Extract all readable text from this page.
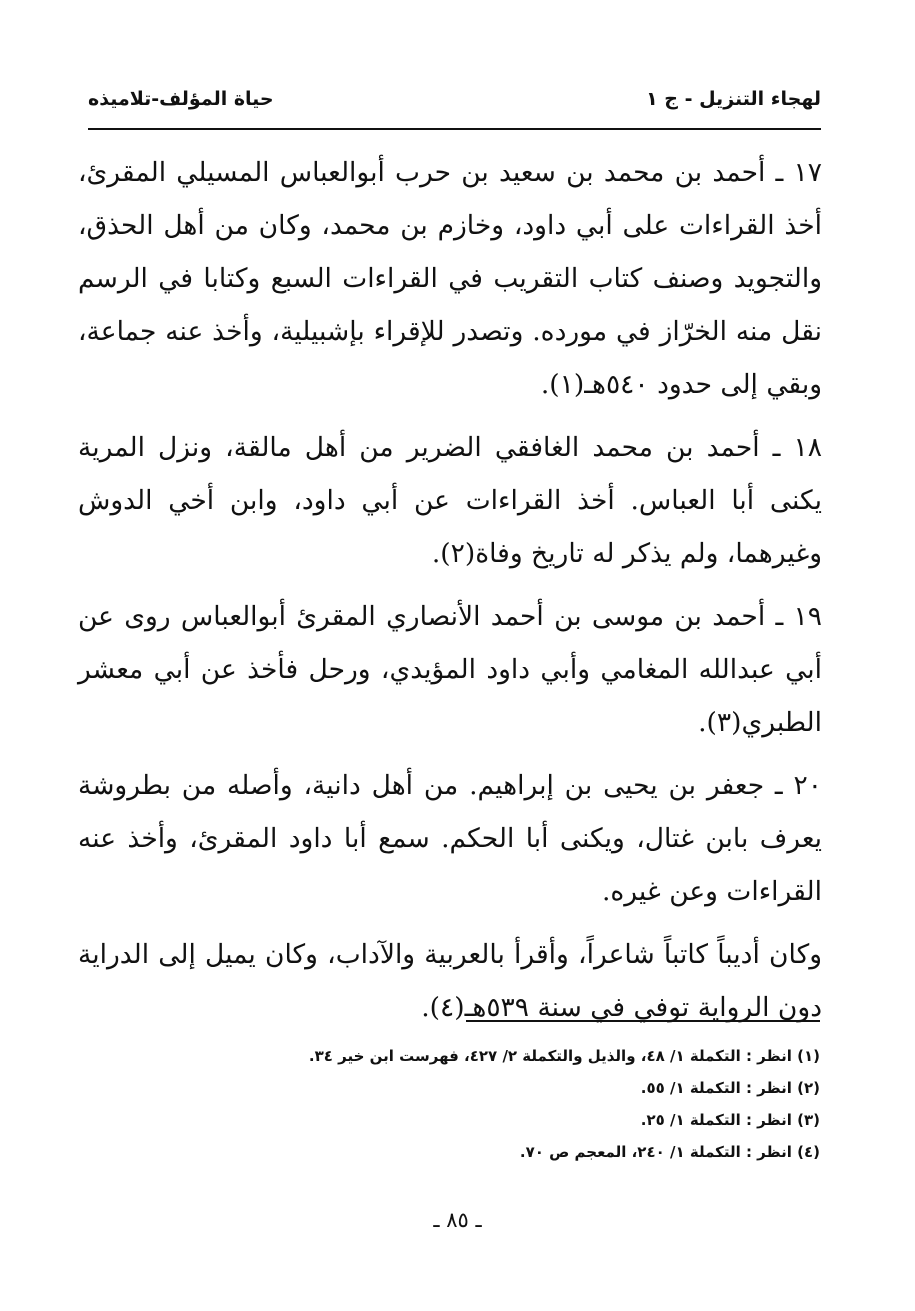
لهجاء التنزيل - ج ١
حياة المؤلف-تلاميذه

١٧ ـ أحمد بن محمد بن سعيد بن حرب أبوالعباس المسيلي المقرئ، أخذ القراءات على أبي داود، وخازم بن محمد، وكان من أهل الحذق، والتجويد وصنف كتاب التقريب في القراءات السبع وكتابا في الرسم نقل منه الخرّاز في مورده. وتصدر للإقراء بإشبيلية، وأخذ عنه جماعة، وبقي إلى حدود ٥٤٠هـ(١).

١٨ ـ أحمد بن محمد الغافقي الضرير من أهل مالقة، ونزل المرية يكنى أبا العباس. أخذ القراءات عن أبي داود، وابن أخي الدوش وغيرهما، ولم يذكر له تاريخ وفاة(٢).

١٩ ـ أحمد بن موسى بن أحمد الأنصاري المقرئ أبوالعباس روى عن أبي عبدالله المغامي وأبي داود المؤيدي، ورحل فأخذ عن أبي معشر الطبري(٣).

٢٠ ـ جعفر بن يحيى بن إبراهيم. من أهل دانية، وأصله من بطروشة يعرف بابن غتال، ويكنى أبا الحكم. سمع أبا داود المقرئ، وأخذ عنه القراءات وعن غيره.

وكان أديباً كاتباً شاعراً، وأقرأ بالعربية والآداب، وكان يميل إلى الدراية دون الرواية توفي في سنة ٥٣٩هـ(٤).

(١) انظر : التكملة ١/ ٤٨، والذيل والتكملة ٢/ ٤٢٧، فهرست ابن خير ٣٤.
(٢) انظر : التكملة ١/ ٥٥.
(٣) انظر : التكملة ١/ ٢٥.
(٤) انظر : التكملة ١/ ٢٤٠، المعجم ص ٧٠.
ـ ٨٥ ـ
